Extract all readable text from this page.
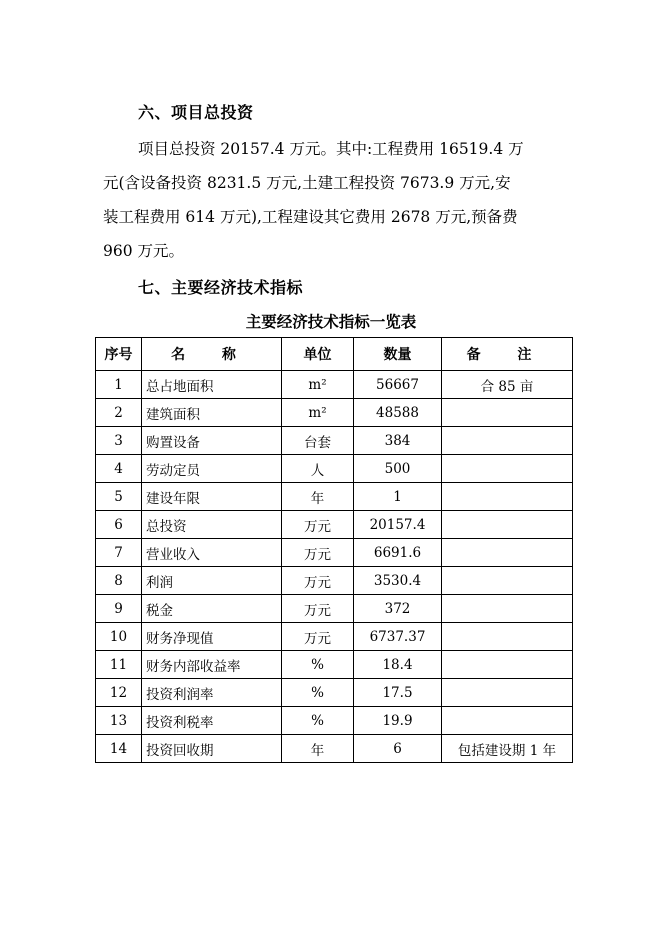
六、项目总投资
项目总投资 20157.4 万元。其中:工程费用 16519.4 万
元(含设备投资 8231.5 万元,土建工程投资 7673.9 万元,安
装工程费用 614 万元),工程建设其它费用 2678 万元,预备费
960 万元。
七、主要经济技术指标
主要经济技术指标一览表
序号	名 称	单位	数量	备 注
1	总占地面积	m²	56667	合 85 亩
2	建筑面积	m²	48588	
3	购置设备	台套	384	
4	劳动定员	人	500	
5	建设年限	年	1	
6	总投资	万元	20157.4	
7	营业收入	万元	6691.6	
8	利润	万元	3530.4	
9	税金	万元	372	
10	财务净现值	万元	6737.37	
11	财务内部收益率	%	18.4	
12	投资利润率	%	17.5	
13	投资利税率	%	19.9	
14	投资回收期	年	6	包括建设期 1 年
